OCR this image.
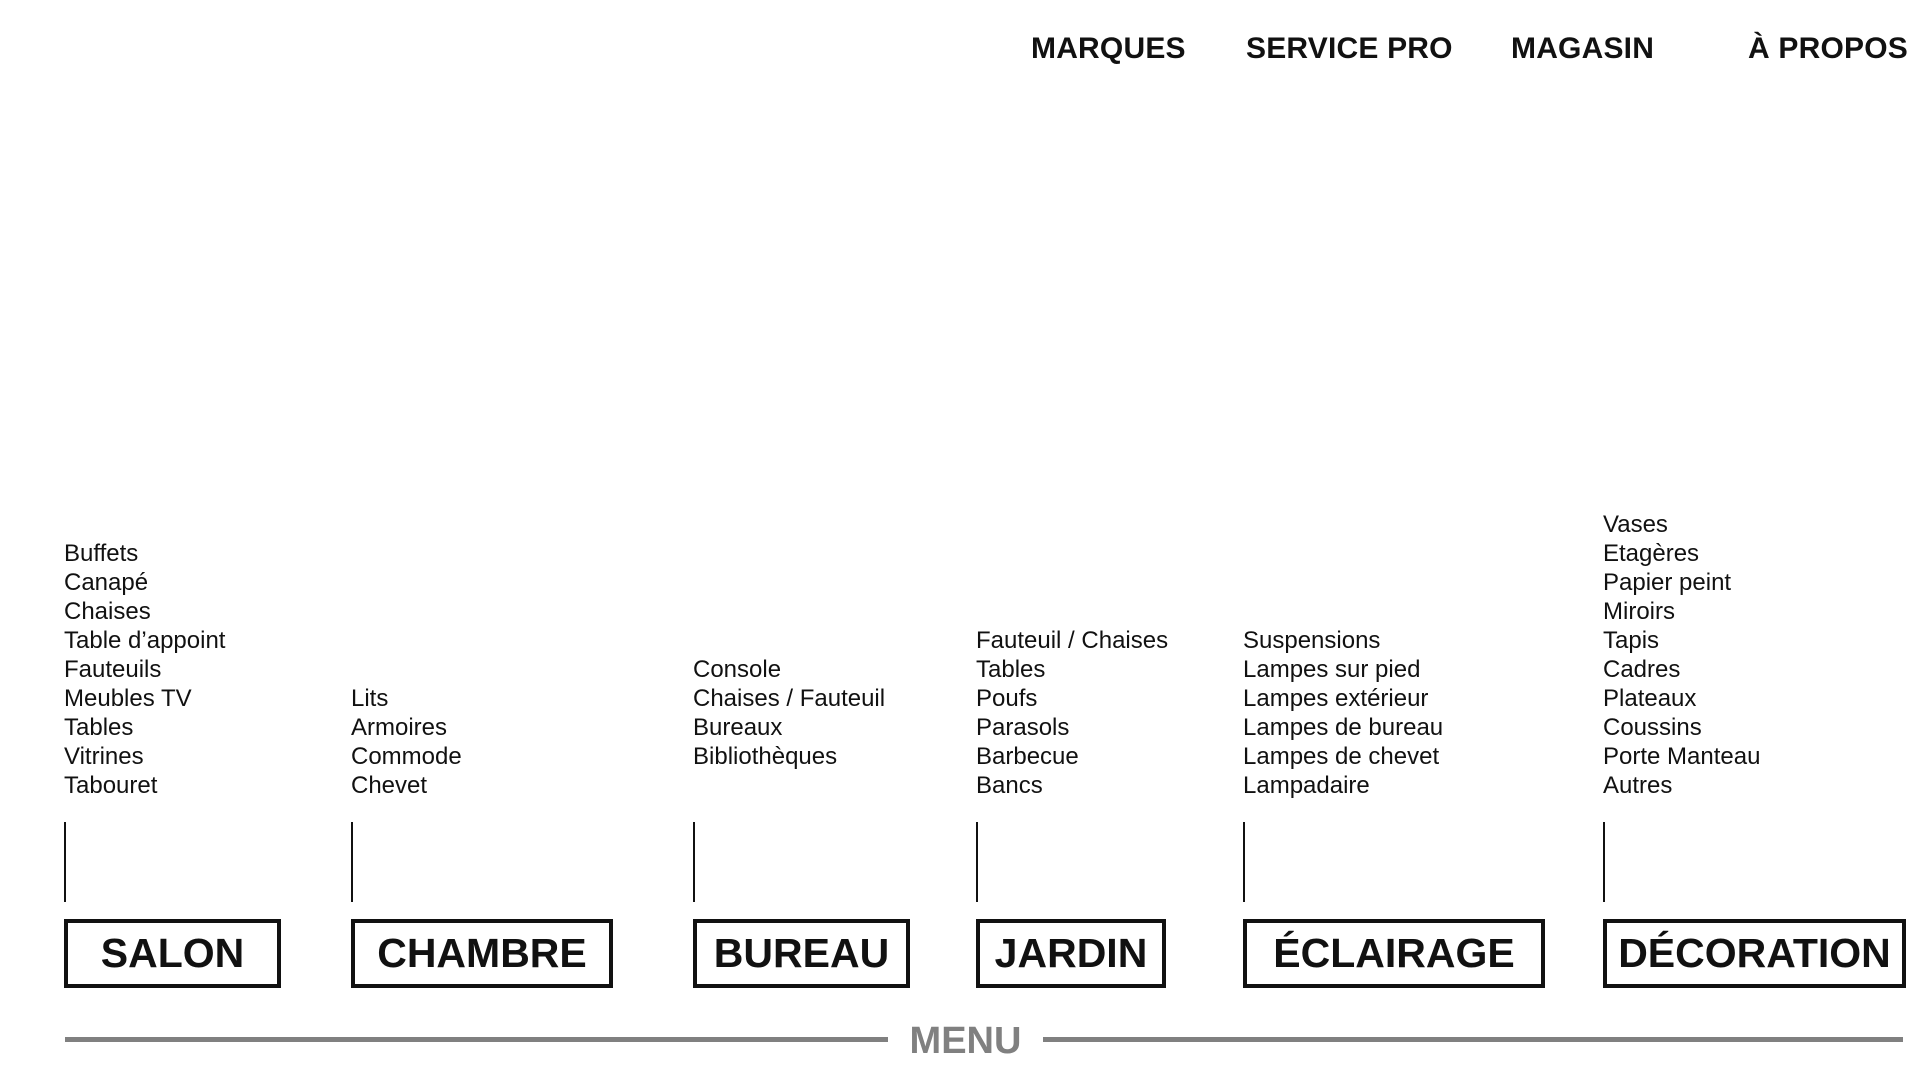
MARQUES SERVICE PRO MAGASIN	À PROPOS
Buffets
Canapé
Chaises
Table d’appoint
Fauteuils
Meubles TV
Tables
Vitrines
Tabouret
SALON
Lits
Armoires
Commode
Chevet
CHAMBRE
Console
Chaises / Fauteuil
Bureaux
Bibliothèques
BUREAU
Fauteuil / Chaises
Tables
Poufs
Parasols
Barbecue
Bancs
JARDIN
Suspensions
Lampes sur pied
Lampes extérieur
Lampes de bureau
Lampes de chevet
Lampadaire
ÉCLAIRAGE
Vases
Etagères
Papier peint
Miroirs
Tapis
Cadres
Plateaux
Coussins
Porte Manteau
Autres
DÉCORATION
MENU
